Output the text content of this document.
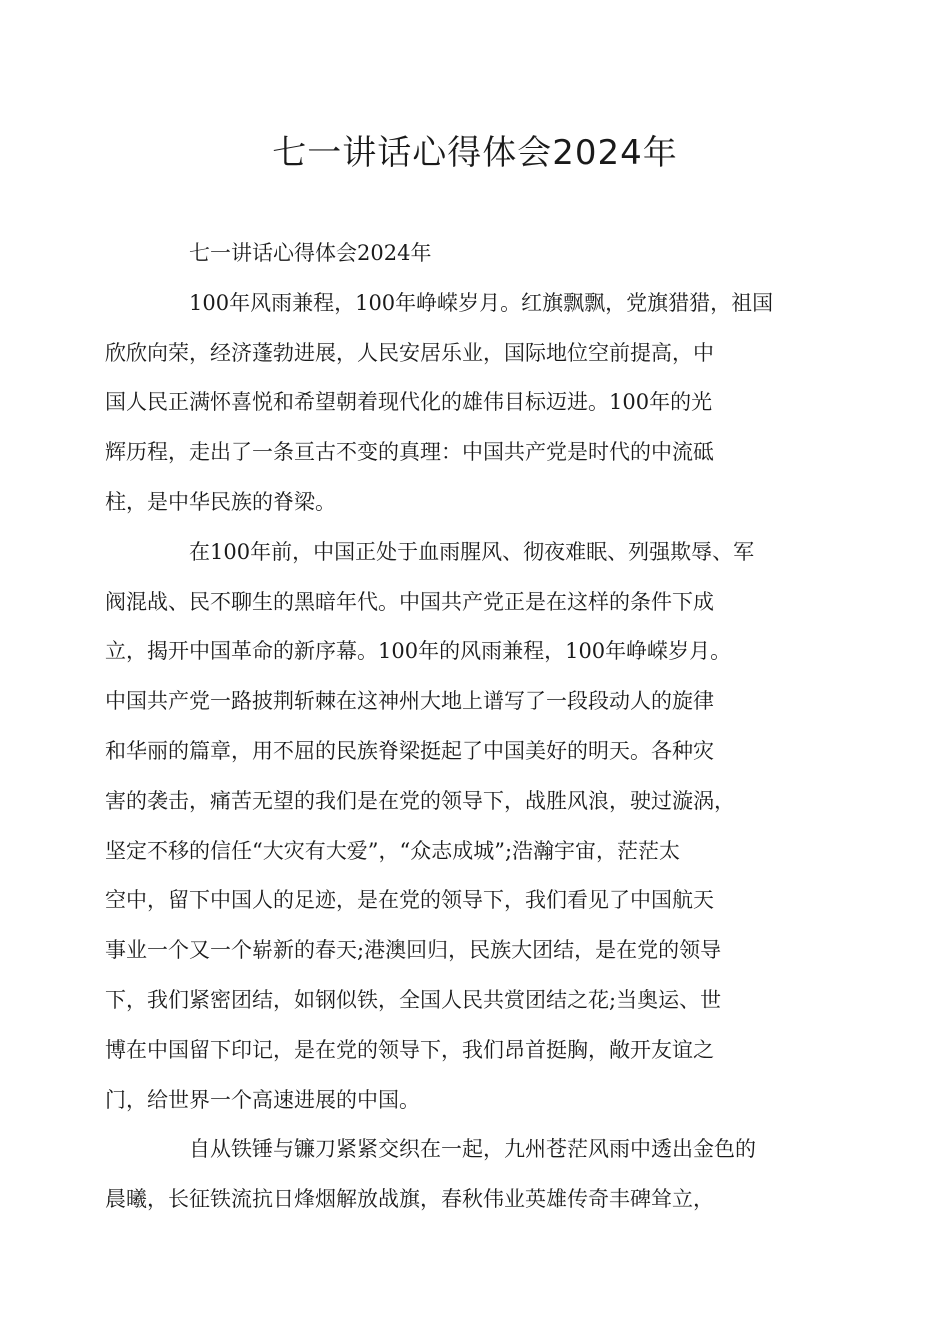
七一讲话心得体会2024年

七一讲话心得体会2024年

100年风雨兼程，100年峥嵘岁月。红旗飘飘，党旗猎猎，祖国
欣欣向荣，经济蓬勃进展，人民安居乐业，国际地位空前提高，中
国人民正满怀喜悦和希望朝着现代化的雄伟目标迈进。100年的光
辉历程，走出了一条亘古不变的真理：中国共产党是时代的中流砥
柱，是中华民族的脊梁。

在100年前，中国正处于血雨腥风、彻夜难眠、列强欺辱、军
阀混战、民不聊生的黑暗年代。中国共产党正是在这样的条件下成
立，揭开中国革命的新序幕。100年的风雨兼程，100年峥嵘岁月。
中国共产党一路披荆斩棘在这神州大地上谱写了一段段动人的旋律
和华丽的篇章，用不屈的民族脊梁挺起了中国美好的明天。各种灾
害的袭击，痛苦无望的我们是在党的领导下，战胜风浪，驶过漩涡，
坚定不移的信任“大灾有大爱”，“众志成城”;浩瀚宇宙，茫茫太
空中，留下中国人的足迹，是在党的领导下，我们看见了中国航天
事业一个又一个崭新的春天;港澳回归，民族大团结，是在党的领导
下，我们紧密团结，如钢似铁，全国人民共赏团结之花;当奥运、世
博在中国留下印记，是在党的领导下，我们昂首挺胸，敞开友谊之
门，给世界一个高速进展的中国。

自从铁锤与镰刀紧紧交织在一起，九州苍茫风雨中透出金色的
晨曦，长征铁流抗日烽烟解放战旗，春秋伟业英雄传奇丰碑耸立，
